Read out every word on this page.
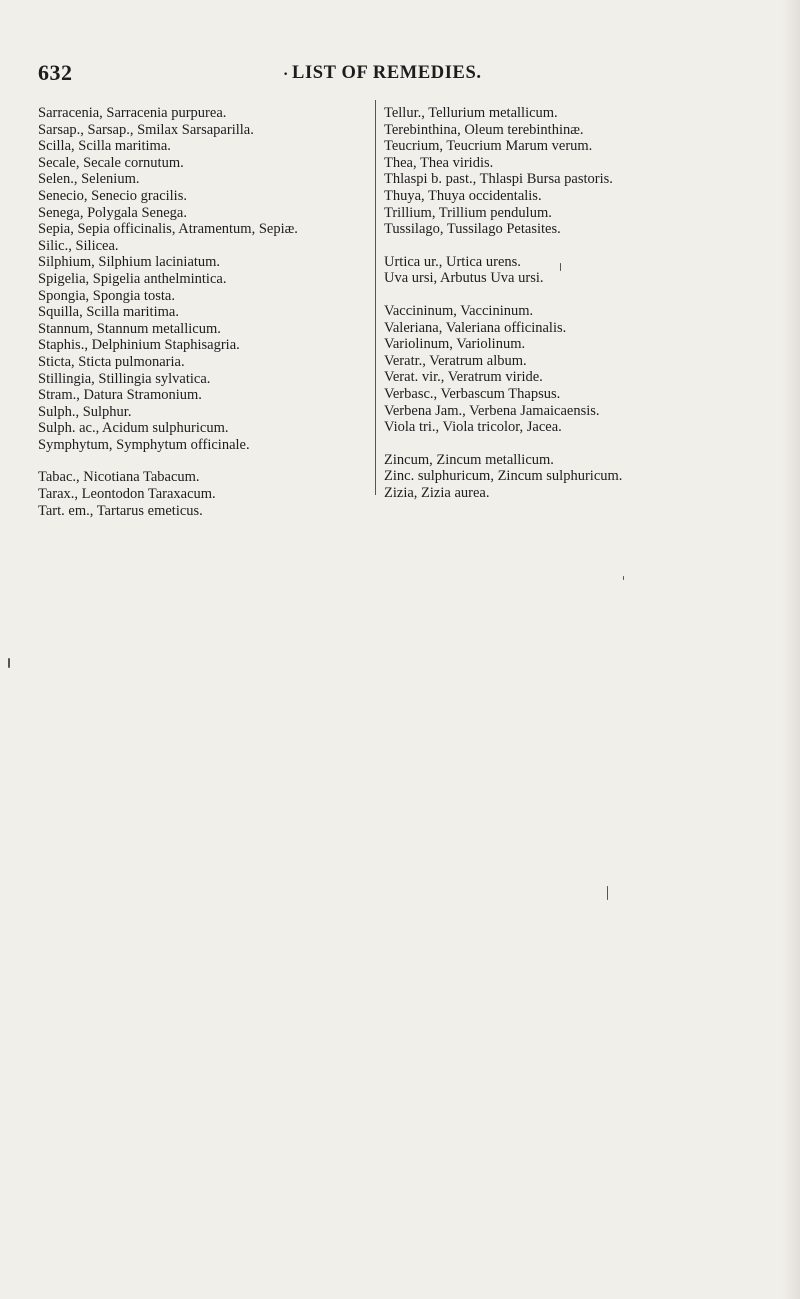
632	· LIST OF REMEDIES.
Sarracenia, Sarracenia purpurea.
Sarsap., Sarsap., Smilax Sarsaparilla.
Scilla, Scilla maritima.
Secale, Secale cornutum.
Selen., Selenium.
Senecio, Senecio gracilis.
Senega, Polygala Senega.
Sepia, Sepia officinalis, Atramentum, Sepiæ.
Silic., Silicea.
Silphium, Silphium laciniatum.
Spigelia, Spigelia anthelmintica.
Spongia, Spongia tosta.
Squilla, Scilla maritima.
Stannum, Stannum metallicum.
Staphis., Delphinium Staphisagria.
Sticta, Sticta pulmonaria.
Stillingia, Stillingia sylvatica.
Stram., Datura Stramonium.
Sulph., Sulphur.
Sulph. ac., Acidum sulphuricum.
Symphytum, Symphytum officinale.
Tabac., Nicotiana Tabacum.
Tarax., Leontodon Taraxacum.
Tart. em., Tartarus emeticus.
Tellur., Tellurium metallicum.
Terebinthina, Oleum terebinthinæ.
Teucrium, Teucrium Marum verum.
Thea, Thea viridis.
Thlaspi b. past., Thlaspi Bursa pastoris.
Thuya, Thuya occidentalis.
Trillium, Trillium pendulum.
Tussilago, Tussilago Petasites.
Urtica ur., Urtica urens.
Uva ursi, Arbutus Uva ursi.
Vaccininum, Vaccininum.
Valeriana, Valeriana officinalis.
Variolinum, Variolinum.
Veratr., Veratrum album.
Verat. vir., Veratrum viride.
Verbasc., Verbascum Thapsus.
Verbena Jam., Verbena Jamaicaensis.
Viola tri., Viola tricolor, Jacea.
Zincum, Zincum metallicum.
Zinc. sulphuricum, Zincum sulphuricum.
Zizia, Zizia aurea.
